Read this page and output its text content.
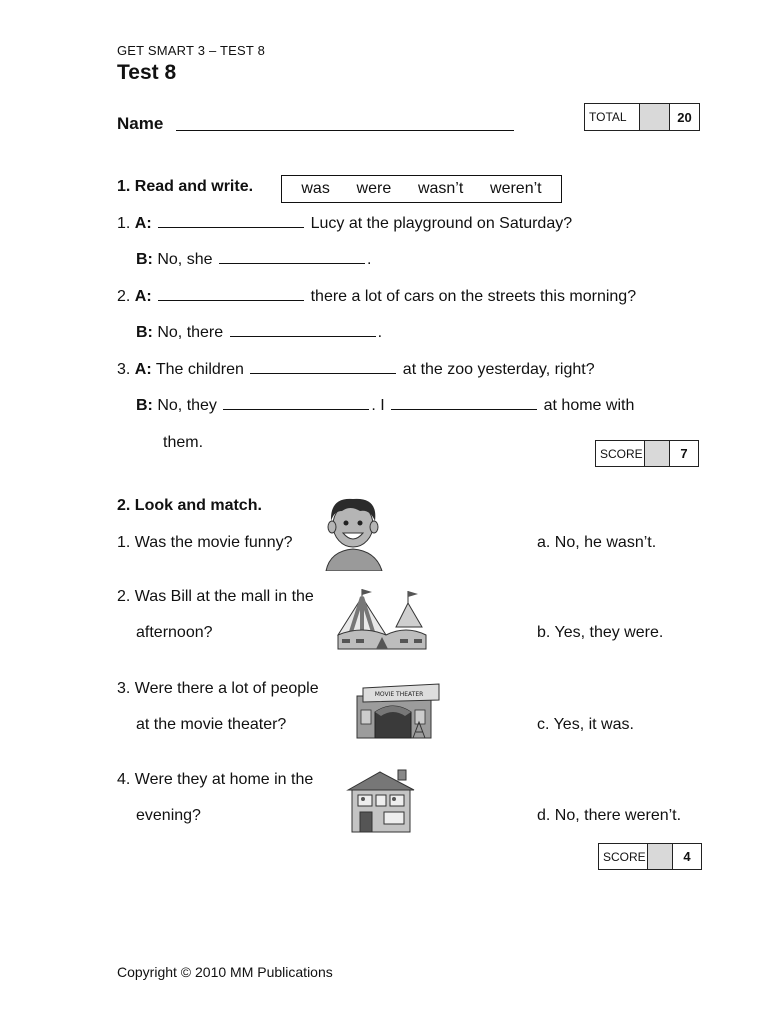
GET SMART 3 – TEST 8
Test 8
Name	TOTAL		20
1. Read and write.	was were wasn’t weren’t
1. A:	Lucy at the playground on Saturday?
B: No, she	.
2. A:	there a lot of cars on the streets this morning?
B: No, there	.
3. A: The children	at the zoo yesterday, right?
B: No, they	. I	at home with
them.
SCORE		7
2. Look and match.
1. Was the movie funny?	a. No, he wasn’t.
2. Was Bill at the mall in the
afternoon?	b. Yes, they were.
3. Were there a lot of people
at the movie theater?
MOVIE THEATER
c. Yes, it was.
4. Were they at home in the
evening?	d. No, there weren’t.
SCORE		4
Copyright © 2010 MM Publications
